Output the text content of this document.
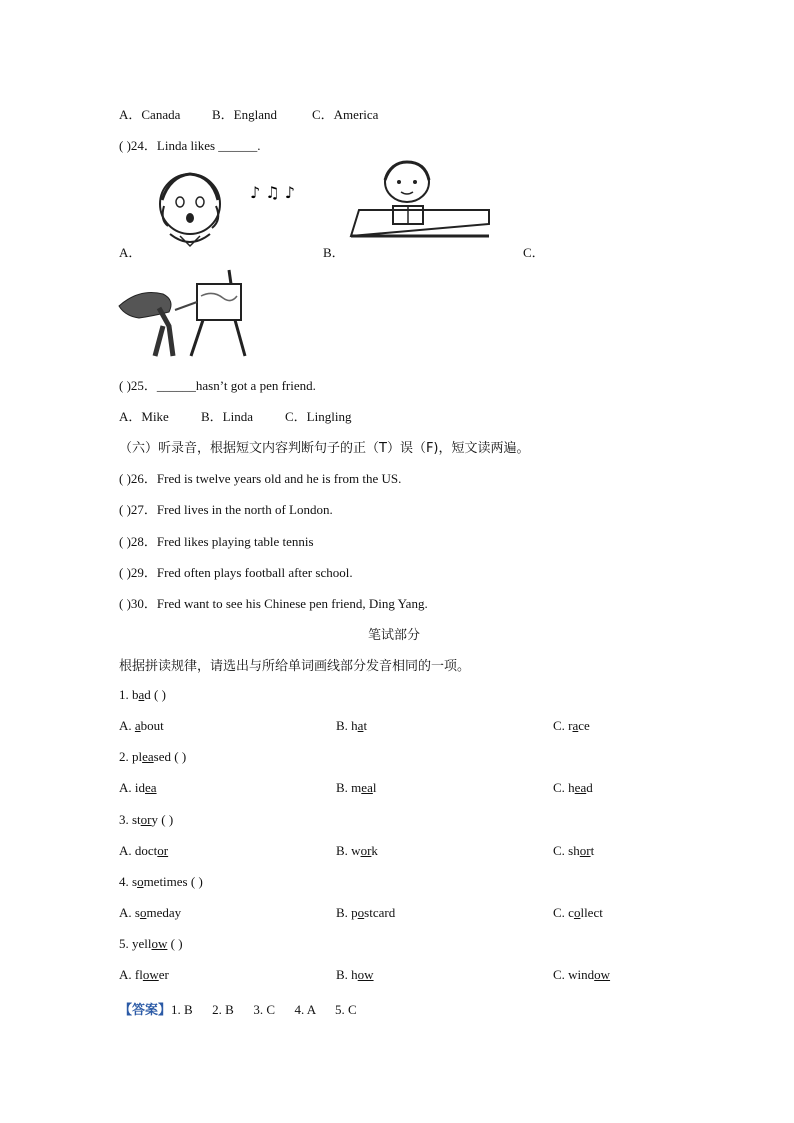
A．Canada B．England	C．America
( )24．Linda likes ______.
♪ ♫ ♪
A．	B．	C．
( )25．______hasn’t got a pen friend.
A．Mike B．Linda C．Lingling
（六）听录音，根据短文内容判断句子的正（T）误（F)，短文读两遍。
( )26．Fred is twelve years old and he is from the US.
( )27．Fred lives in the north of London.
( )28．Fred likes playing table tennis
( )29．Fred often plays football after school.
( )30．Fred want to see his Chinese pen friend, Ding Yang.
笔试部分
根据拼读规律，请选出与所给单词画线部分发音相同的一项。
1. bad ( )
A. about	B. hat	C. race
2. pleased ( )
A. idea	B. meal	C. head
3. story ( )
A. doctor	B. work	C. short
4. sometimes ( )
A. someday	B. postcard	C. collect
5. yellow ( )
A. flower	B. how	C. window
【答案】1. B      2. B      3. C      4. A      5. C
